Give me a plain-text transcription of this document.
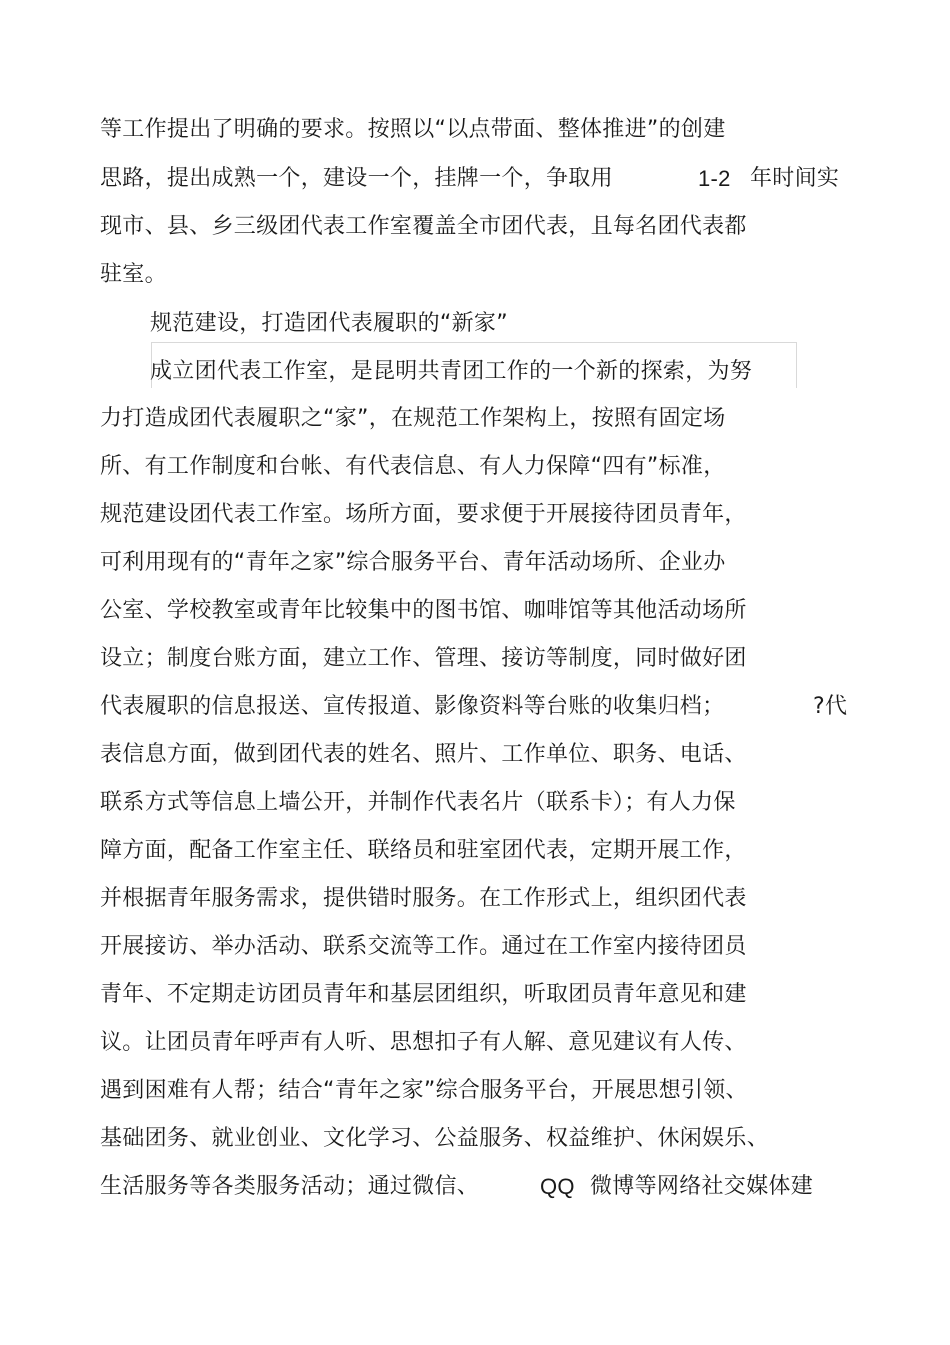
等工作提出了明确的要求。按照以“以点带面、整体推进”的创建
思路，提出成熟一个，建设一个，挂牌一个，争取用	1-2 年时间实
现市、县、乡三级团代表工作室覆盖全市团代表，且每名团代表都
驻室。
规范建设，打造团代表履职的“新家”
成立团代表工作室，是昆明共青团工作的一个新的探索，为努
力打造成团代表履职之“家”，在规范工作架构上，按照有固定场
所、有工作制度和台帐、有代表信息、有人力保障“四有”标准，
规范建设团代表工作室。场所方面，要求便于开展接待团员青年，
可利用现有的“青年之家”综合服务平台、青年活动场所、企业办
公室、学校教室或青年比较集中的图书馆、咖啡馆等其他活动场所
设立；制度台账方面，建立工作、管理、接访等制度，同时做好团
代表履职的信息报送、宣传报道、影像资料等台账的收集归档；	?代
表信息方面，做到团代表的姓名、照片、工作单位、职务、电话、
联系方式等信息上墙公开，并制作代表名片（联系卡）；有人力保
障方面，配备工作室主任、联络员和驻室团代表，定期开展工作，
并根据青年服务需求，提供错时服务。在工作形式上，组织团代表
开展接访、举办活动、联系交流等工作。通过在工作室内接待团员
青年、不定期走访团员青年和基层团组织，听取团员青年意见和建
议。让团员青年呼声有人听、思想扣子有人解、意见建议有人传、
遇到困难有人帮；结合“青年之家”综合服务平台，开展思想引领、
基础团务、就业创业、文化学习、公益服务、权益维护、休闲娱乐、
生活服务等各类服务活动；通过微信、	QQ 微博等网络社交媒体建
